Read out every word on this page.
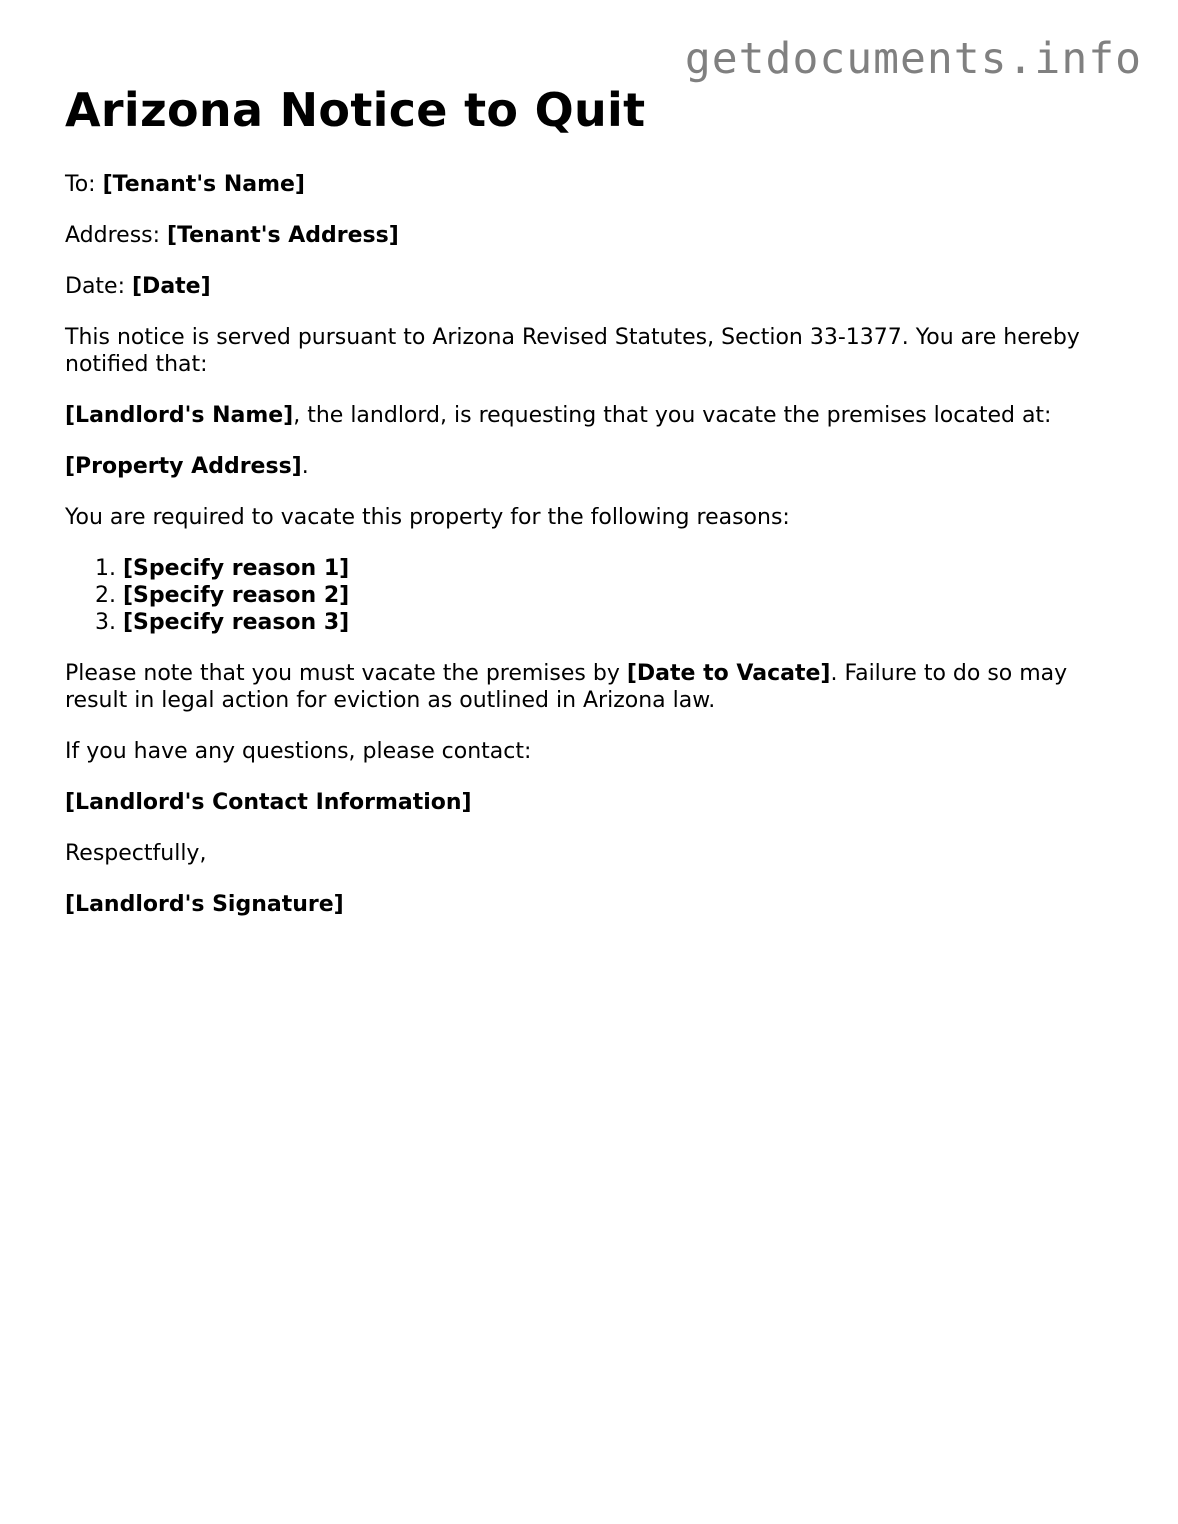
getdocuments.info
Arizona Notice to Quit

To: [Tenant's Name]

Address: [Tenant's Address]

Date: [Date]

This notice is served pursuant to Arizona Revised Statutes, Section 33-1377. You are hereby notified that:

[Landlord's Name], the landlord, is requesting that you vacate the premises located at:

[Property Address].

You are required to vacate this property for the following reasons:

1. [Specify reason 1]
2. [Specify reason 2]
3. [Specify reason 3]

Please note that you must vacate the premises by [Date to Vacate]. Failure to do so may result in legal action for eviction as outlined in Arizona law.

If you have any questions, please contact:

[Landlord's Contact Information]

Respectfully,

[Landlord's Signature]
